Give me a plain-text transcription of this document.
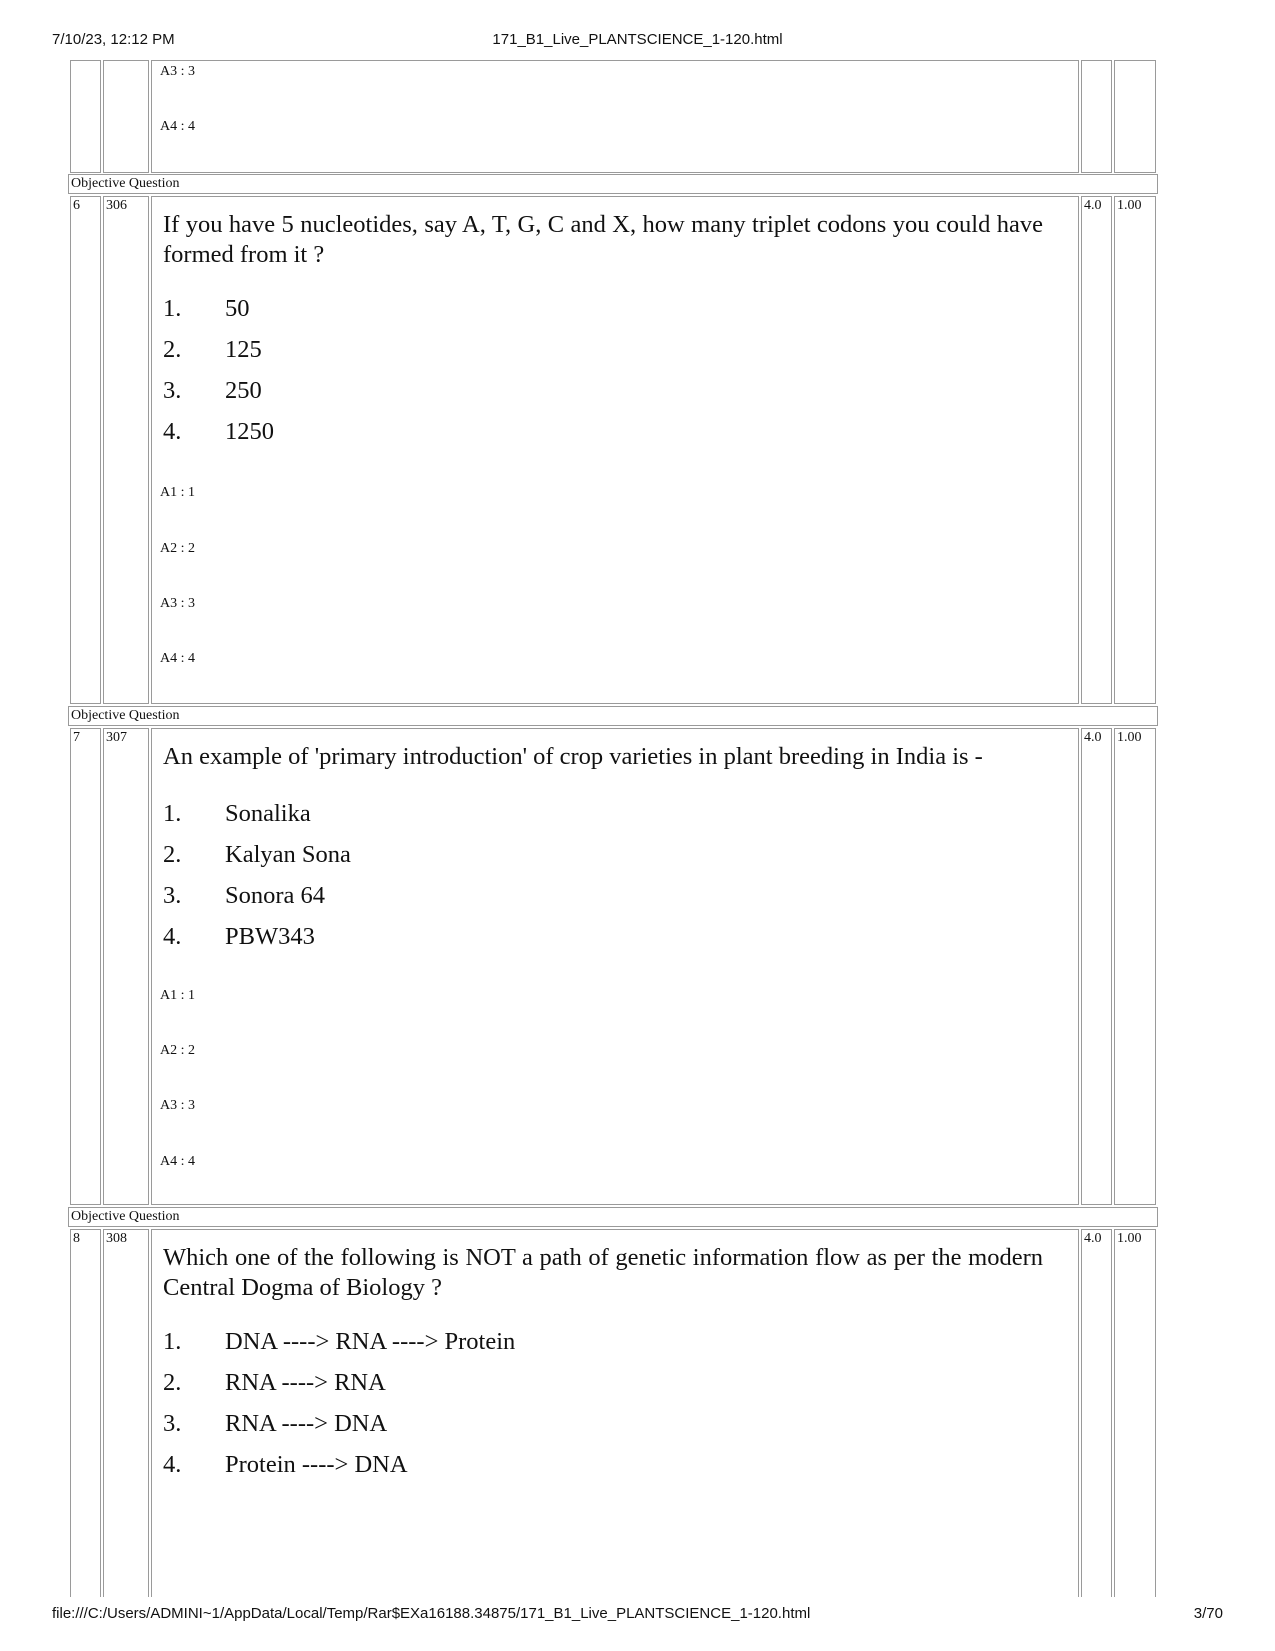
7/10/23, 12:12 PM	171_B1_Live_PLANTSCIENCE_1-120.html
A3 : 3
A4 : 4
Objective Question
6 306
If you have 5 nucleotides, say A, T, G, C and X, how many triplet codons you could have formed from it ?
1. 50
2. 125
3. 250
4. 1250
A1 : 1
A2 : 2
A3 : 3
A4 : 4
4.0 1.00
Objective Question
7 307
An example of 'primary introduction' of crop varieties in plant breeding in India is -
1. Sonalika
2. Kalyan Sona
3. Sonora 64
4. PBW343
A1 : 1
A2 : 2
A3 : 3
A4 : 4
4.0 1.00
Objective Question
8 308
Which one of the following is NOT a path of genetic information flow as per the modern Central Dogma of Biology ?
1. DNA ----> RNA ----> Protein
2. RNA ----> RNA
3. RNA ----> DNA
4. Protein ----> DNA
4.0 1.00
file:///C:/Users/ADMINI~1/AppData/Local/Temp/Rar$EXa16188.34875/171_B1_Live_PLANTSCIENCE_1-120.html	3/70
